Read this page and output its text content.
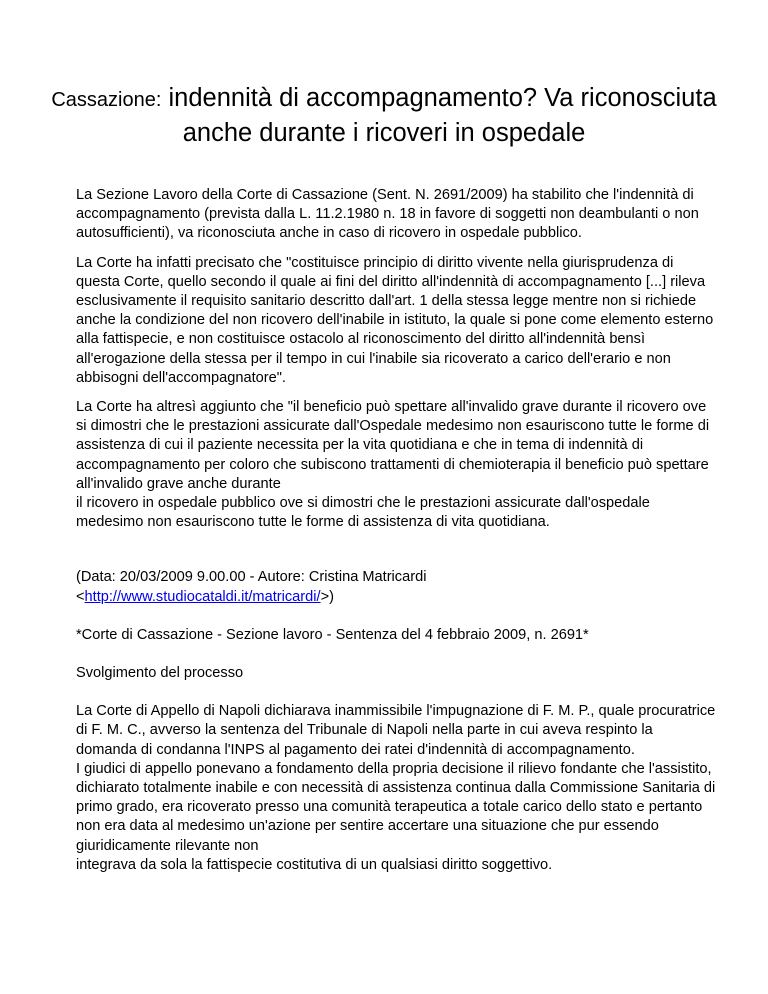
Cassazione: indennità di accompagnamento? Va riconosciuta anche durante i ricoveri in ospedale

La Sezione Lavoro della Corte di Cassazione (Sent. N. 2691/2009) ha stabilito che l'indennità di accompagnamento (prevista dalla L. 11.2.1980 n. 18 in favore di soggetti non deambulanti o non autosufficienti), va riconosciuta anche in caso di ricovero in ospedale pubblico.

La Corte ha infatti precisato che "costituisce principio di diritto vivente nella giurisprudenza di questa Corte, quello secondo il quale ai fini del diritto all'indennità di accompagnamento [...] rileva esclusivamente il requisito sanitario descritto dall'art. 1 della stessa legge mentre non si richiede anche la condizione del non ricovero dell'inabile in istituto, la quale si pone come elemento esterno alla fattispecie, e non costituisce ostacolo al riconoscimento del diritto all'indennità bensì all'erogazione della stessa per il tempo in cui l'inabile sia ricoverato a carico dell'erario e non abbisogni dell'accompagnatore".

La Corte ha altresì aggiunto che "il beneficio può spettare all'invalido grave durante il ricovero ove si dimostri che le prestazioni assicurate dall'Ospedale medesimo non esauriscono tutte le forme di assistenza di cui il paziente necessita per la vita quotidiana e che in tema di indennità di accompagnamento per coloro che subiscono trattamenti di chemioterapia il beneficio può spettare all'invalido grave anche durante
il ricovero in ospedale pubblico ove si dimostri che le prestazioni assicurate dall'ospedale medesimo non esauriscono tutte le forme di assistenza di vita quotidiana.

(Data: 20/03/2009 9.00.00 - Autore: Cristina Matricardi
<http://www.studiocataldi.it/matricardi/>)

*Corte di Cassazione - Sezione lavoro - Sentenza del 4 febbraio 2009, n. 2691*

Svolgimento del processo

La Corte di Appello di Napoli dichiarava inammissibile l'impugnazione di F. M. P., quale procuratrice di F. M. C., avverso la sentenza del Tribunale di Napoli nella parte in cui aveva respinto la domanda di condanna l'INPS al pagamento dei ratei d'indennità di accompagnamento.
I giudici di appello ponevano a fondamento della propria decisione il rilievo fondante che l'assistito, dichiarato totalmente inabile e con necessità di assistenza continua dalla Commissione Sanitaria di primo grado, era ricoverato presso una comunità terapeutica a totale carico dello stato e pertanto non era data al medesimo un'azione per sentire accertare una situazione che pur essendo giuridicamente rilevante non
integrava da sola la fattispecie costitutiva di un qualsiasi diritto soggettivo.
